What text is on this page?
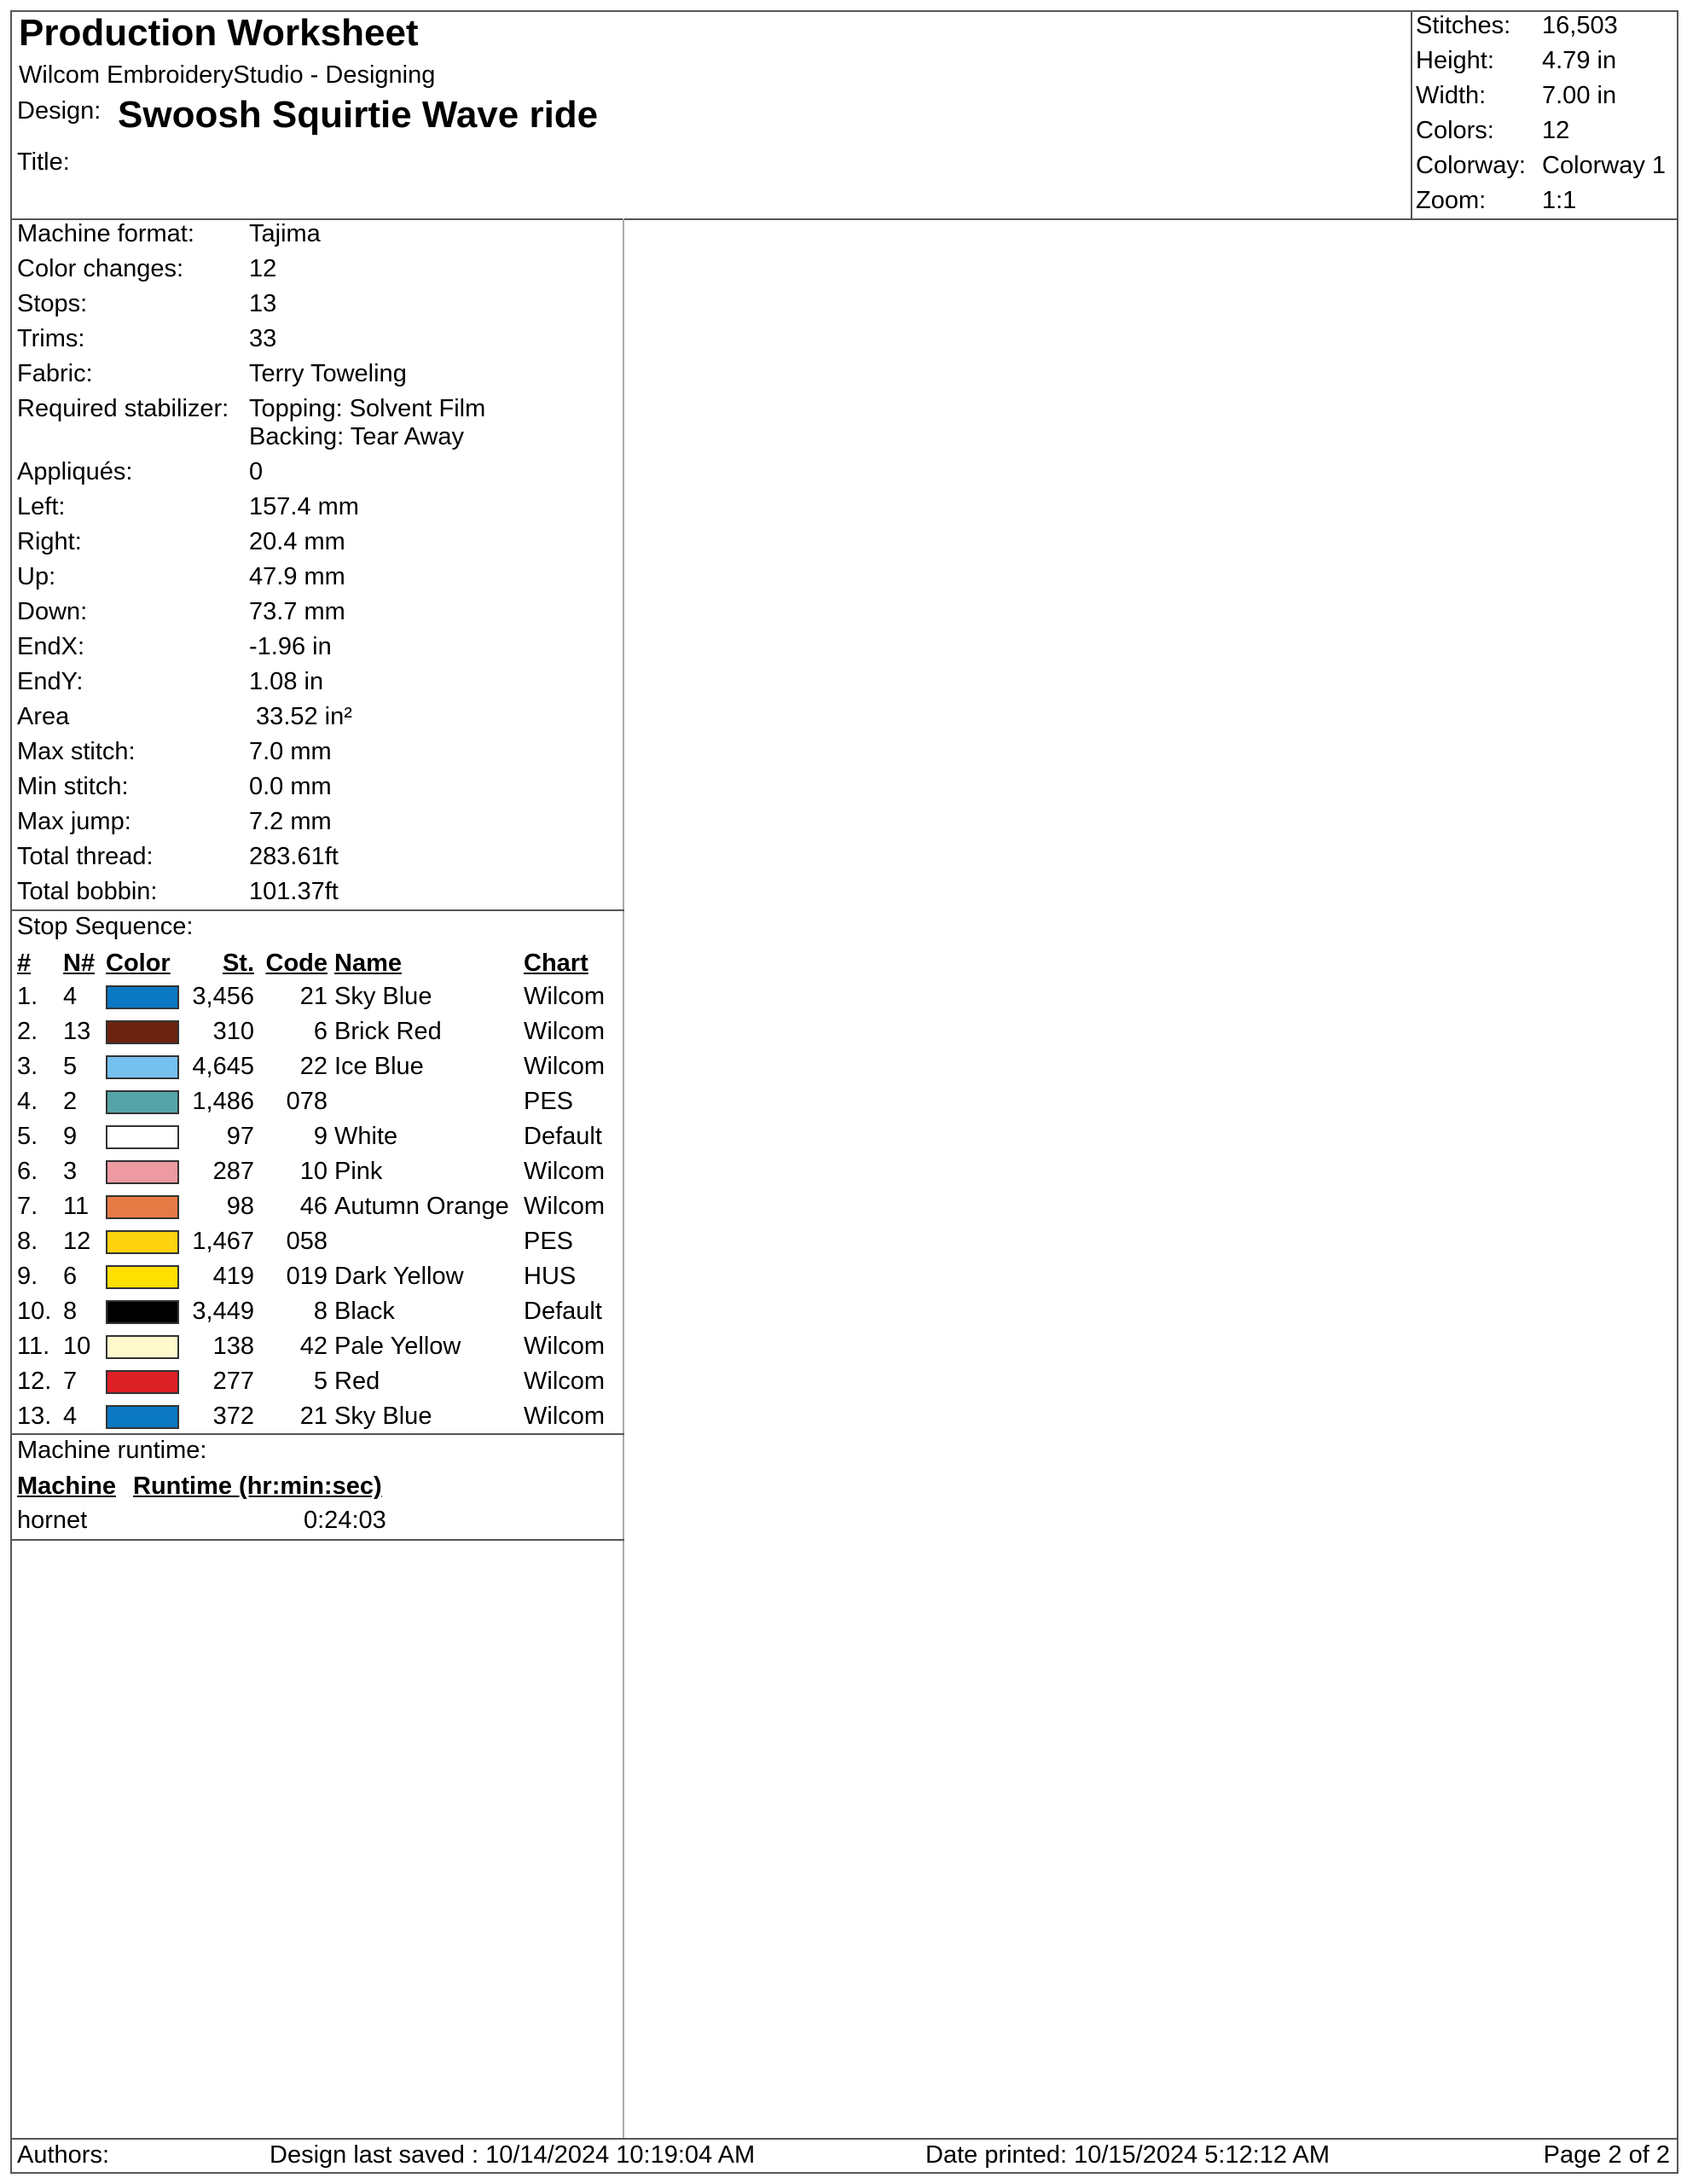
Production Worksheet
Wilcom EmbroideryStudio - Designing
Design: Swoosh Squirtie Wave ride
Title:
Stitches:	16,503
Height:	4.79 in
Width:	7.00 in
Colors:	12
Colorway: Colorway 1
Zoom:	1:1
Machine format:	Tajima
Color changes:	12
Stops:	13
Trims:	33
Fabric:	Terry Toweling
Required stabilizer: Topping: Solvent Film
Backing: Tear Away
Appliqués:	0
Left:	157.4 mm
Right:	20.4 mm
Up:	47.9 mm
Down:	73.7 mm
EndX:	-1.96 in
EndY:	1.08 in
Area	33.52 in²
Max stitch:	7.0 mm
Min stitch:	0.0 mm
Max jump:	7.2 mm
Total thread:	283.61ft
Total bobbin:	101.37ft
Stop Sequence:
#	N#	Color	St.	Code	Name	Chart
1.	4		3,456	21	Sky Blue	Wilcom
2.	13		310	6	Brick Red	Wilcom
3.	5		4,645	22	Ice Blue	Wilcom
4.	2		1,486	078		PES
5.	9		97	9	White	Default
6.	3		287	10	Pink	Wilcom
7.	11		98	46	Autumn Orange	Wilcom
8.	12		1,467	058		PES
9.	6		419	019	Dark Yellow	HUS
10.	8		3,449	8	Black	Default
11.	10		138	42	Pale Yellow	Wilcom
12.	7		277	5	Red	Wilcom
13.	4		372	21	Sky Blue	Wilcom
Machine runtime:
Machine Runtime (hr:min:sec)
hornet	0:24:03
Authors:	Design last saved : 10/14/2024 10:19:04 AM	Date printed: 10/15/2024 5:12:12 AM	Page 2 of 2
